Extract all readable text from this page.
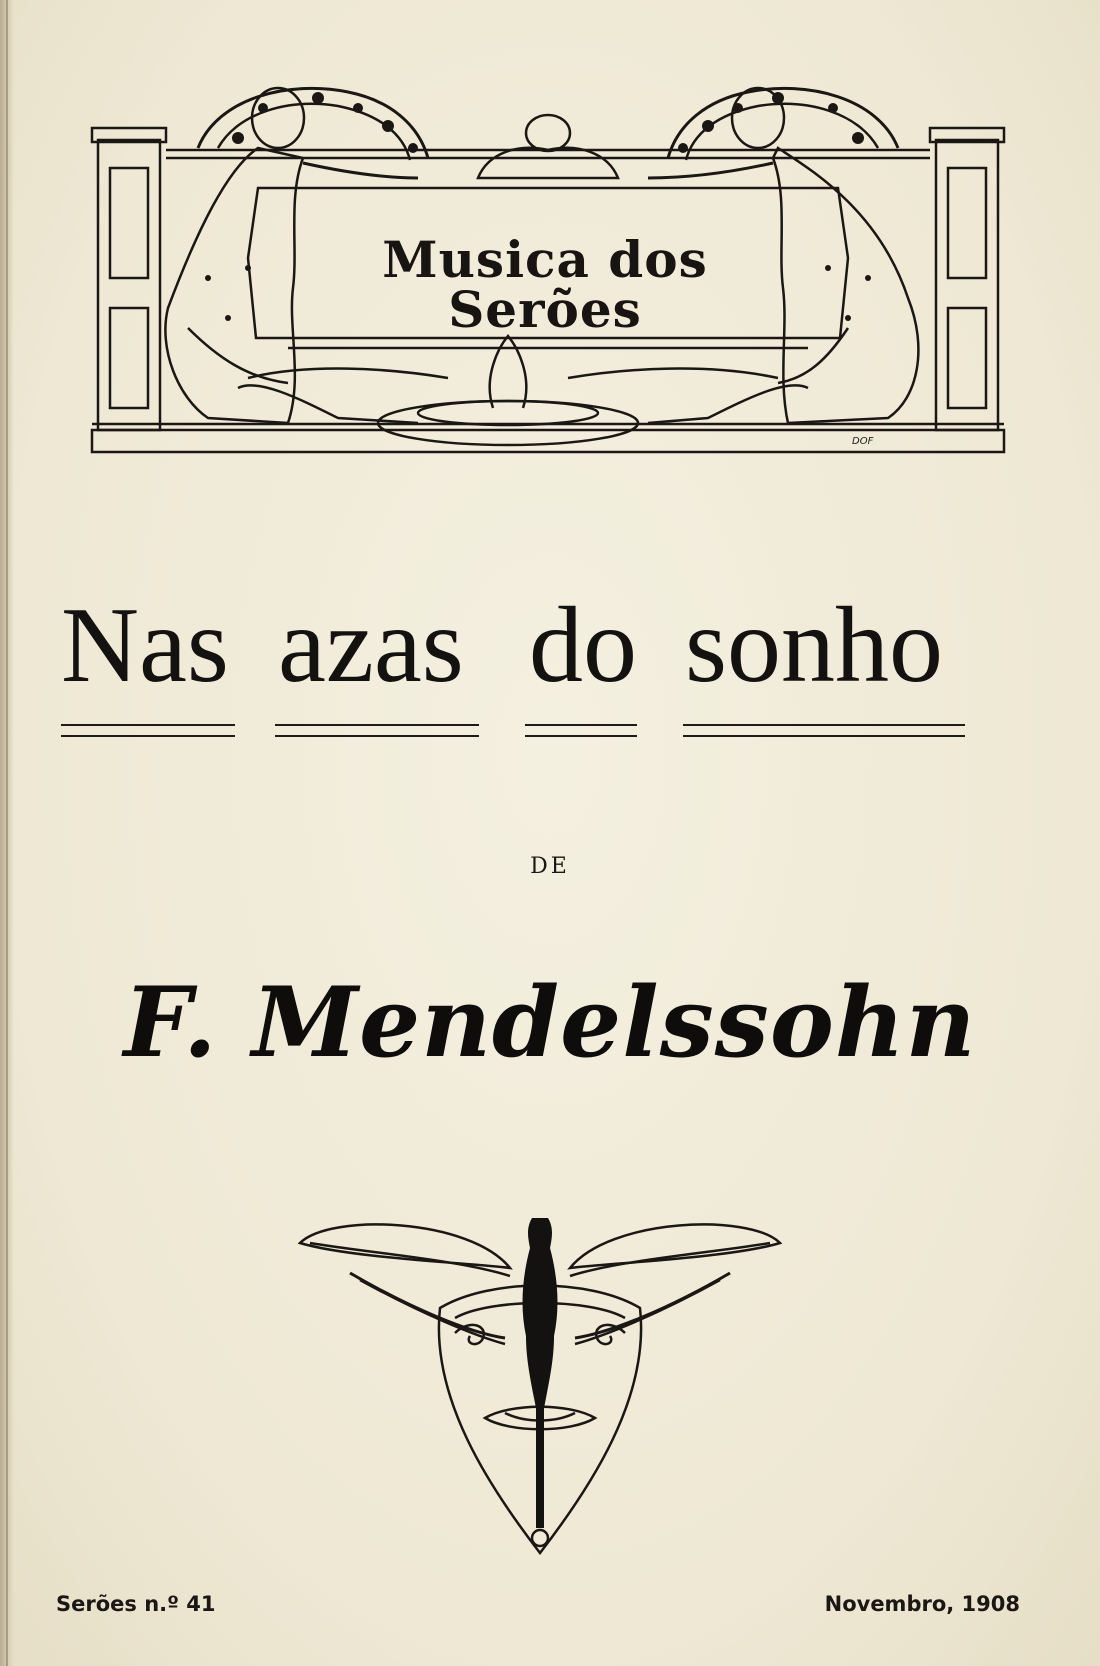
Musica dos Serões
DOF
Nas azas do sonho
DE
F. Mendelssohn
Serões n.º 41	Novembro, 1908
